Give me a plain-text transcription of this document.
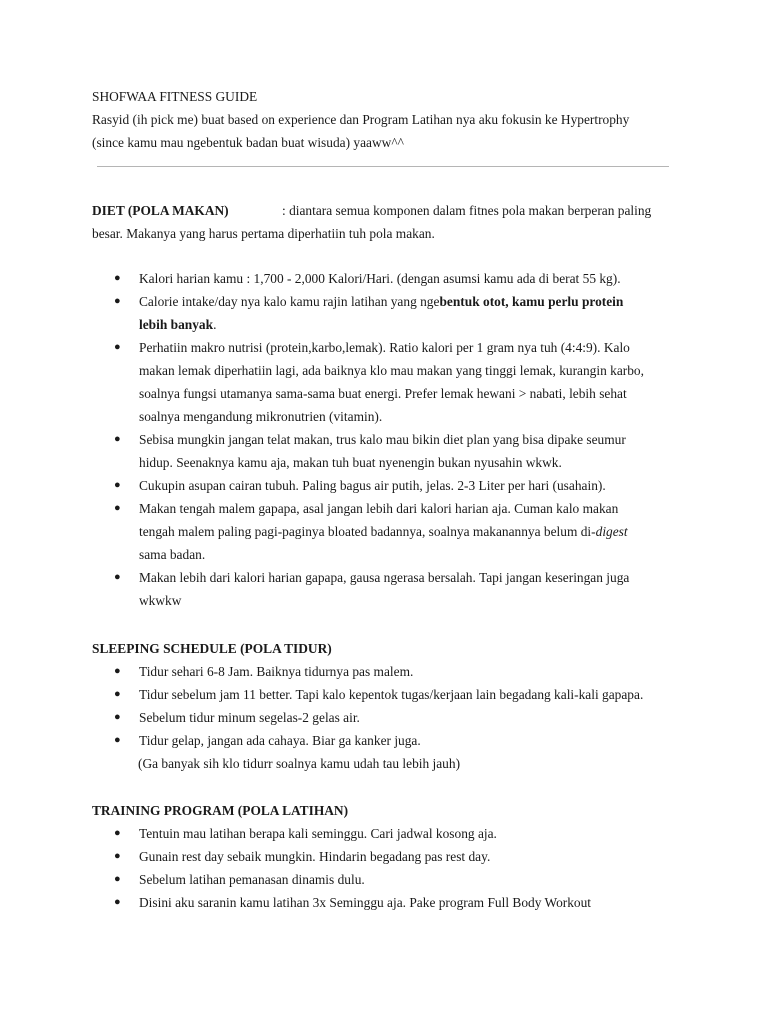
SHOFWAA FITNESS GUIDE
Rasyid (ih pick me) buat based on experience dan Program Latihan nya aku fokusin ke Hypertrophy
(since kamu mau ngebentuk badan buat wisuda) yaaww^^
DIET (POLA MAKAN)	: diantara semua komponen dalam fitnes pola makan berperan paling
besar. Makanya yang harus pertama diperhatiin tuh pola makan.
● Kalori harian kamu : 1,700 - 2,000 Kalori/Hari. (dengan asumsi kamu ada di berat 55 kg).
● Calorie intake/day nya kalo kamu rajin latihan yang ngebentuk otot, kamu perlu protein
lebih banyak.
● Perhatiin makro nutrisi (protein,karbo,lemak). Ratio kalori per 1 gram nya tuh (4:4:9). Kalo
makan lemak diperhatiin lagi, ada baiknya klo mau makan yang tinggi lemak, kurangin karbo,
soalnya fungsi utamanya sama-sama buat energi. Prefer lemak hewani > nabati, lebih sehat
soalnya mengandung mikronutrien (vitamin).
● Sebisa mungkin jangan telat makan, trus kalo mau bikin diet plan yang bisa dipake seumur
hidup. Seenaknya kamu aja, makan tuh buat nyenengin bukan nyusahin wkwk.
● Cukupin asupan cairan tubuh. Paling bagus air putih, jelas. 2-3 Liter per hari (usahain).
● Makan tengah malem gapapa, asal jangan lebih dari kalori harian aja. Cuman kalo makan
tengah malem paling pagi-paginya bloated badannya, soalnya makanannya belum di-digest
sama badan.
● Makan lebih dari kalori harian gapapa, gausa ngerasa bersalah. Tapi jangan keseringan juga
wkwkw
SLEEPING SCHEDULE (POLA TIDUR)
● Tidur sehari 6-8 Jam. Baiknya tidurnya pas malem.
● Tidur sebelum jam 11 better. Tapi kalo kepentok tugas/kerjaan lain begadang kali-kali gapapa.
● Sebelum tidur minum segelas-2 gelas air.
● Tidur gelap, jangan ada cahaya. Biar ga kanker juga.
(Ga banyak sih klo tidurr soalnya kamu udah tau lebih jauh)
TRAINING PROGRAM (POLA LATIHAN)
● Tentuin mau latihan berapa kali seminggu. Cari jadwal kosong aja.
● Gunain rest day sebaik mungkin. Hindarin begadang pas rest day.
● Sebelum latihan pemanasan dinamis dulu.
● Disini aku saranin kamu latihan 3x Seminggu aja. Pake program Full Body Workout
